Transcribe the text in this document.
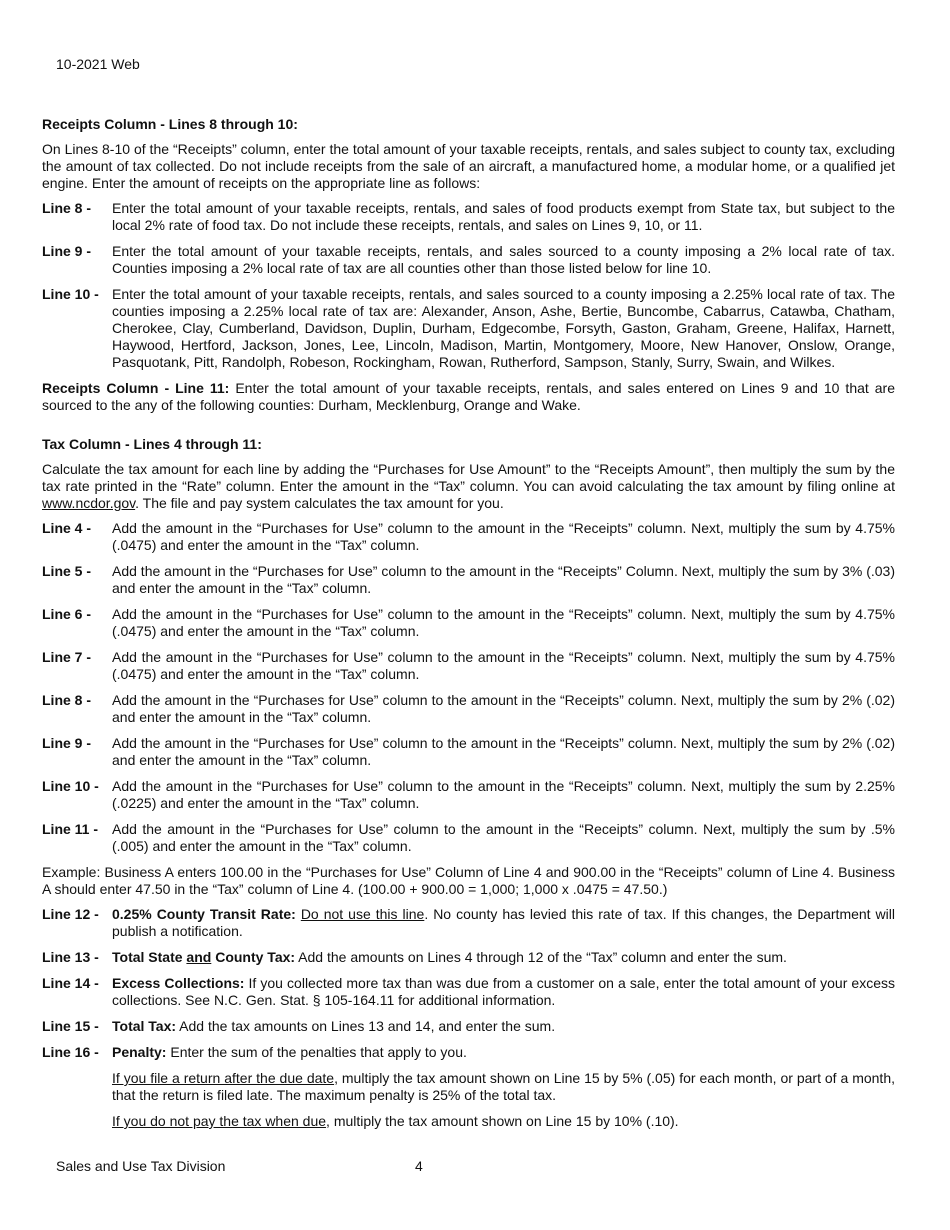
10-2021 Web
Receipts Column - Lines 8 through 10:

On Lines 8-10 of the “Receipts” column, enter the total amount of your taxable receipts, rentals, and sales subject to county tax, excluding the amount of tax collected. Do not include receipts from the sale of an aircraft, a manufactured home, a modular home, or a qualified jet engine. Enter the amount of receipts on the appropriate line as follows:

Line 8 -	Enter the total amount of your taxable receipts, rentals, and sales of food products exempt from State tax, but subject to the local 2% rate of food tax. Do not include these receipts, rentals, and sales on Lines 9, 10, or 11.
Line 9 -	Enter the total amount of your taxable receipts, rentals, and sales sourced to a county imposing a 2% local rate of tax. Counties imposing a 2% local rate of tax are all counties other than those listed below for line 10.
Line 10 - Enter the total amount of your taxable receipts, rentals, and sales sourced to a county imposing a 2.25% local rate of tax. The counties imposing a 2.25% local rate of tax are: Alexander, Anson, Ashe, Bertie, Buncombe, Cabarrus, Catawba, Chatham, Cherokee, Clay, Cumberland, Davidson, Duplin, Durham, Edgecombe, Forsyth, Gaston, Graham, Greene, Halifax, Harnett, Haywood, Hertford, Jackson, Jones, Lee, Lincoln, Madison, Martin, Montgomery, Moore, New Hanover, Onslow, Orange, Pasquotank, Pitt, Randolph, Robeson, Rockingham, Rowan, Rutherford, Sampson, Stanly, Surry, Swain, and Wilkes.

Receipts Column - Line 11: Enter the total amount of your taxable receipts, rentals, and sales entered on Lines 9 and 10 that are sourced to the any of the following counties: Durham, Mecklenburg, Orange and Wake.

Tax Column - Lines 4 through 11:

Calculate the tax amount for each line by adding the “Purchases for Use Amount” to the “Receipts Amount”, then multiply the sum by the tax rate printed in the “Rate” column. Enter the amount in the “Tax” column. You can avoid calculating the tax amount by filing online at www.ncdor.gov. The file and pay system calculates the tax amount for you.

Line 4 -	Add the amount in the “Purchases for Use” column to the amount in the “Receipts” column. Next, multiply the sum by 4.75% (.0475) and enter the amount in the “Tax” column.
Line 5 -	Add the amount in the “Purchases for Use” column to the amount in the “Receipts” Column. Next, multiply the sum by 3% (.03) and enter the amount in the “Tax” column.
Line 6 -	Add the amount in the “Purchases for Use” column to the amount in the “Receipts” column. Next, multiply the sum by 4.75% (.0475) and enter the amount in the “Tax” column.
Line 7 -	Add the amount in the “Purchases for Use” column to the amount in the “Receipts” column. Next, multiply the sum by 4.75% (.0475) and enter the amount in the “Tax” column.
Line 8 -	Add the amount in the “Purchases for Use” column to the amount in the “Receipts” column. Next, multiply the sum by 2% (.02) and enter the amount in the “Tax” column.
Line 9 -	Add the amount in the “Purchases for Use” column to the amount in the “Receipts” column. Next, multiply the sum by 2% (.02) and enter the amount in the “Tax” column.
Line 10 - Add the amount in the “Purchases for Use” column to the amount in the “Receipts” column. Next, multiply the sum by 2.25% (.0225) and enter the amount in the “Tax” column.
Line 11 - Add the amount in the “Purchases for Use” column to the amount in the “Receipts” column. Next, multiply the sum by .5% (.005) and enter the amount in the “Tax” column.

Example: Business A enters 100.00 in the “Purchases for Use” Column of Line 4 and 900.00 in the “Receipts” column of Line 4. Business A should enter 47.50 in the “Tax” column of Line 4. (100.00 + 900.00 = 1,000; 1,000 x .0475 = 47.50.)

Line 12 - 0.25% County Transit Rate: Do not use this line. No county has levied this rate of tax. If this changes, the Department will publish a notification.
Line 13 - Total State and County Tax: Add the amounts on Lines 4 through 12 of the “Tax” column and enter the sum.
Line 14 - Excess Collections: If you collected more tax than was due from a customer on a sale, enter the total amount of your excess collections. See N.C. Gen. Stat. § 105-164.11 for additional information.
Line 15 - Total Tax: Add the tax amounts on Lines 13 and 14, and enter the sum.
Line 16 - Penalty: Enter the sum of the penalties that apply to you.
If you file a return after the due date, multiply the tax amount shown on Line 15 by 5% (.05) for each month, or part of a month, that the return is filed late. The maximum penalty is 25% of the total tax.
If you do not pay the tax when due, multiply the tax amount shown on Line 15 by 10% (.10).
Sales and Use Tax Division	4
